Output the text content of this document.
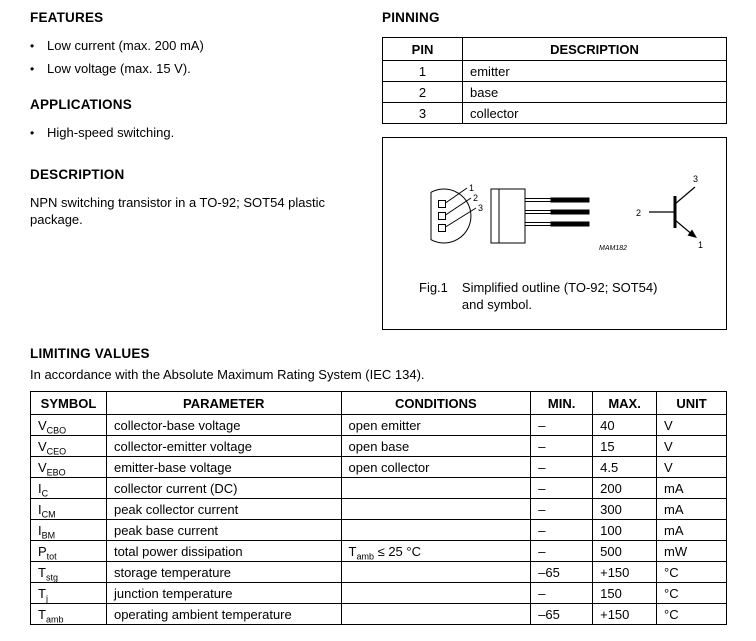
FEATURES
• Low current (max. 200 mA)
• Low voltage (max. 15 V).
APPLICATIONS
• High-speed switching.
DESCRIPTION
NPN switching transistor in a TO-92; SOT54 plastic package.
PINNING
PIN	DESCRIPTION
1	emitter
2	base
3	collector
1
2
3	2
3
1
MAM182
Fig.1 Simplified outline (TO-92; SOT54) and symbol.
LIMITING VALUES
In accordance with the Absolute Maximum Rating System (IEC 134).
SYMBOL	PARAMETER	CONDITIONS	MIN.	MAX.	UNIT
$V_{CBO}$	collector-base voltage	open emitter	–	40	V
$V_{CEO}$	collector-emitter voltage	open base	–	15	V
$V_{EBO}$	emitter-base voltage	open collector	–	4.5	V
$I_C$	collector current (DC)		–	200	mA
$I_{CM}$	peak collector current		–	300	mA
$I_{BM}$	peak base current		–	100	mA
$P_{tot}$	total power dissipation	$T_{amb} \le 25$ °C	–	500	mW
$T_{stg}$	storage temperature		–65	+150	°C
$T_j$	junction temperature		–	150	°C
$T_{amb}$	operating ambient temperature		–65	+150	°C
